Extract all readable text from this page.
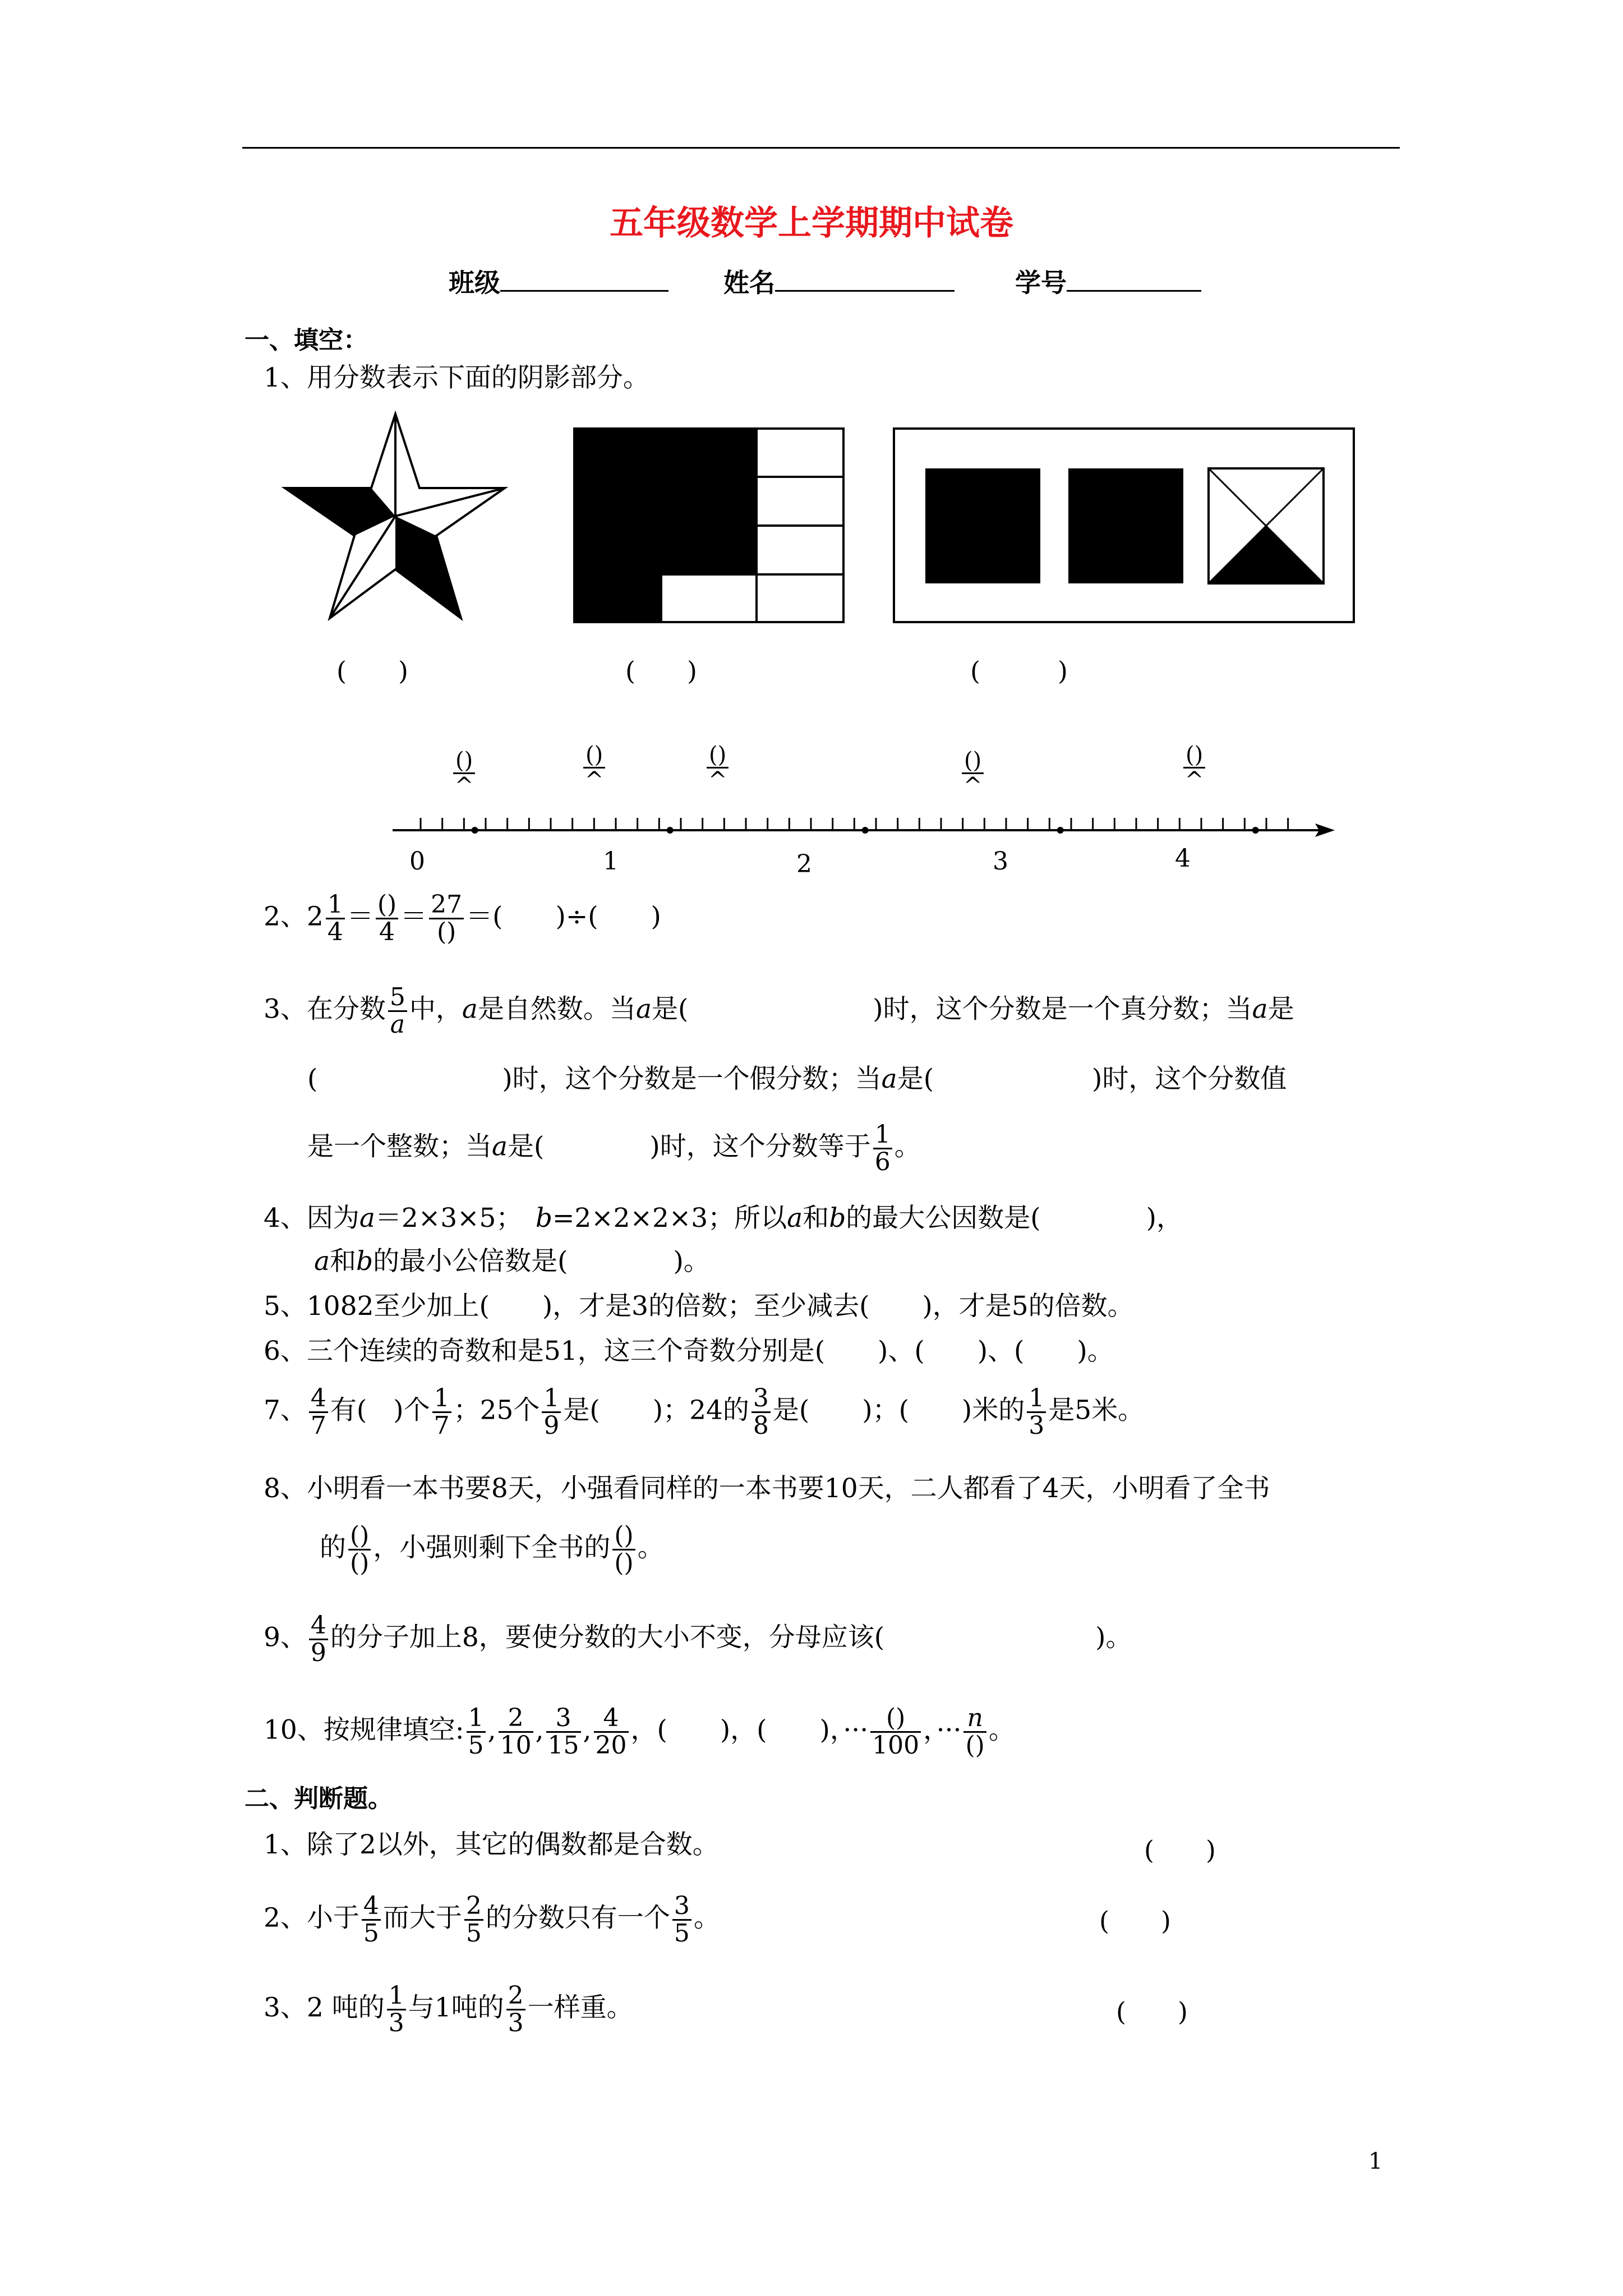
五年级数学上学期期中试卷
班级	姓名	学号
一、填空：
1、用分数表示下面的阴影部分。
(　　)	(　　)	(　　　)
0	1	2	3	4
()
^
()
^
()
^
()
^
()
^
2、$2 \frac{1}{4} = \frac{()}{4} = \frac{27}{()}$ ＝(　　)÷(　　)
3、在分数 $\frac{5}{a}$ 中，a是自然数。当a是(　　　　　　　)时，这个分数是一个真分数；当a是
(　　　　　　　)时，这个分数是一个假分数；当a是(　　　　　　)时，这个分数值
是一个整数；当a是(　　　　)时，这个分数等于 $\frac{1}{6}$ 。
4、因为a＝2×3×5；　b=2×2×2×3；所以a和b的最大公因数是(　　　　)，
a和b的最小公倍数是(　　　　)。
5、1082至少加上(　　)，才是3的倍数；至少减去(　　)，才是5的倍数。
6、三个连续的奇数和是51，这三个奇数分别是(　　)、(　　)、(　　)。
7、 $\frac{4}{7}$ 有(　)个 $\frac{1}{7}$ ；25个 $\frac{1}{9}$ 是(　　)；24的 $\frac{3}{8}$ 是(　　)；(　　)米的 $\frac{1}{3}$ 是5米。
8、小明看一本书要8天，小强看同样的一本书要10天，二人都看了4天，小明看了全书
的 $\frac{()}{()}$ ，小强则剩下全书的 $\frac{()}{()}$ 。
9、 $\frac{4}{9}$ 的分子加上8，要使分数的大小不变，分母应该(　　　　　　　　)。
10、按规律填空: $\frac{1}{5}$ , $\frac{2}{10}$ , $\frac{3}{15}$ , $\frac{4}{20}$ ，(　　)，(　　)，··· $\frac{()}{100}$ ，··· $\frac{n}{()}$ 。
二、判断题。
1、除了2以外，其它的偶数都是合数。	(　　)
2、小于 $\frac{4}{5}$ 而大于 $\frac{2}{5}$ 的分数只有一个 $\frac{3}{5}$ 。	(　　)
3、2 吨的 $\frac{1}{3}$ 与1吨的 $\frac{2}{3}$ 一样重。	(　　)
1
